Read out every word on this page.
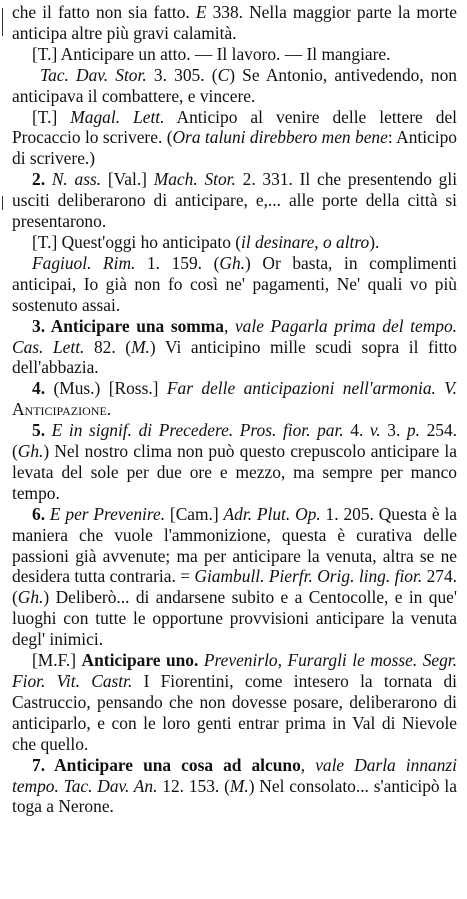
che il fatto non sia fatto. E 338. Nella maggior parte la morte anticipa altre più gravi calamità.

[T.] Anticipare un atto. — Il lavoro. — Il mangiare.

Tac. Dav. Stor. 3. 305. (C) Se Antonio, antivedendo, non anticipava il combattere, e vincere.

[T.] Magal. Lett. Anticipo al venire delle lettere del Procaccio lo scrivere. (Ora taluni direbbero men bene: Anticipo di scrivere.)

2. N. ass. [Val.] Mach. Stor. 2. 331. Il che presentendo gli usciti deliberarono di anticipare, e,... alle porte della città si presentarono.

[T.] Quest'oggi ho anticipato (il desinare, o altro).

Fagiuol. Rim. 1. 159. (Gh.) Or basta, in complimenti anticipai, Io già non fo così ne' pagamenti, Ne' quali vo più sostenuto assai.

3. Anticipare una somma, vale Pagarla prima del tempo. Cas. Lett. 82. (M.) Vi anticipino mille scudi sopra il fitto dell'abbazia.

4. (Mus.) [Ross.] Far delle anticipazioni nell'armonia. V. Anticipazione.

5. E in signif. di Precedere. Pros. fior. par. 4. v. 3. p. 254. (Gh.) Nel nostro clima non può questo crepuscolo anticipare la levata del sole per due ore e mezzo, ma sempre per manco tempo.

6. E per Prevenire. [Cam.] Adr. Plut. Op. 1. 205. Questa è la maniera che vuole l'ammonizione, questa è curativa delle passioni già avvenute; ma per anticipare la venuta, altra se ne desidera tutta contraria. = Giambull. Pierfr. Orig. ling. fior. 274. (Gh.) Deliberò... di andarsene subito e a Centocolle, e in que' luoghi con tutte le opportune provvisioni anticipare la venuta degl' inimici.

[M.F.] Anticipare uno. Prevenirlo, Furargli le mosse. Segr. Fior. Vit. Castr. I Fiorentini, come intesero la tornata di Castruccio, pensando che non dovesse posare, deliberarono di anticiparlo, e con le loro genti entrar prima in Val di Nievole che quello.

7. Anticipare una cosa ad alcuno, vale Darla innanzi tempo. Tac. Dav. An. 12. 153. (M.) Nel consolato... s'anticipò la toga a Nerone.
